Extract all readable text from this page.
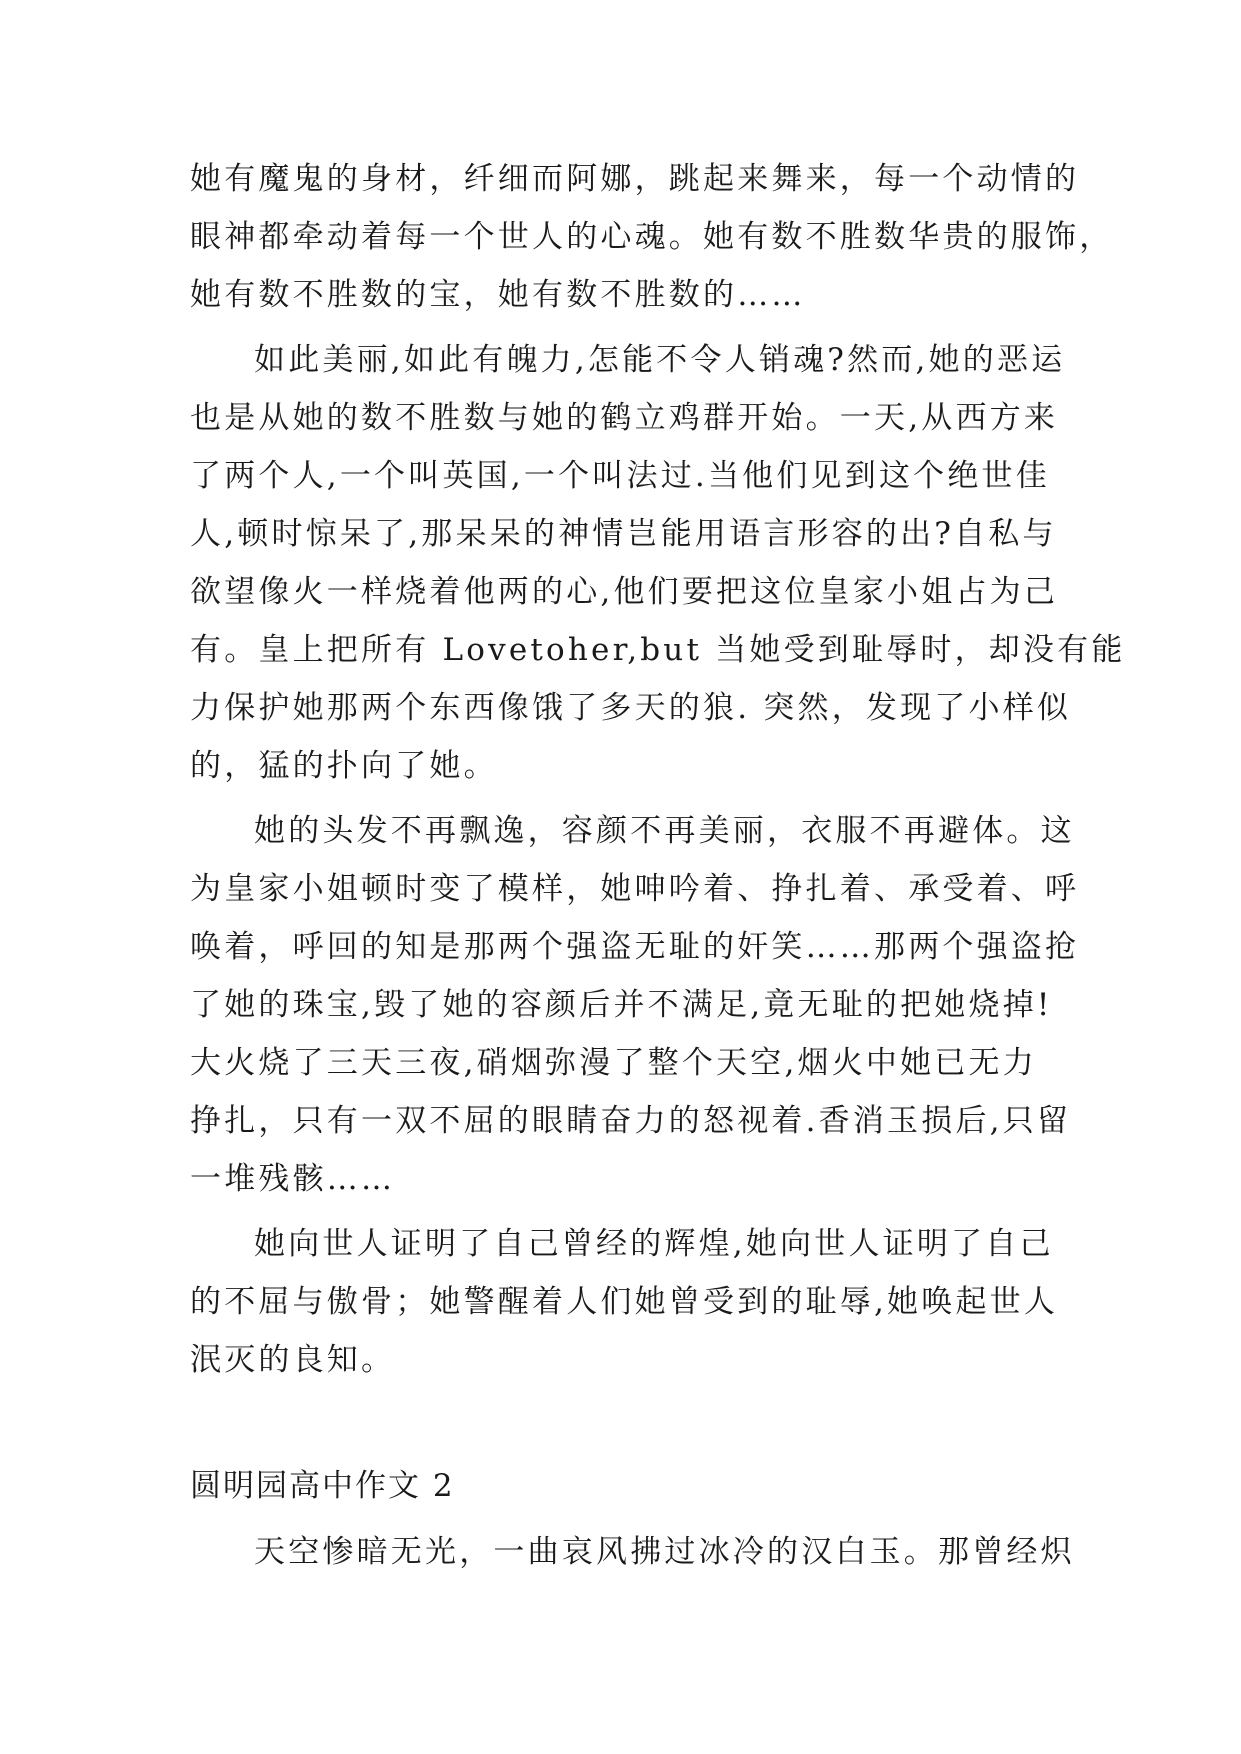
她有魔鬼的身材，纤细而阿娜，跳起来舞来，每一个动情的
眼神都牵动着每一个世人的心魂。她有数不胜数华贵的服饰，
她有数不胜数的宝，她有数不胜数的……
如此美丽,如此有魄力,怎能不令人销魂?然而,她的恶运
也是从她的数不胜数与她的鹤立鸡群开始。一天,从西方来
了两个人,一个叫英国,一个叫法过.当他们见到这个绝世佳
人,顿时惊呆了,那呆呆的神情岂能用语言形容的出?自私与
欲望像火一样烧着他两的心,他们要把这位皇家小姐占为己
有。皇上把所有 Lovetoher,but 当她受到耻辱时，却没有能
力保护她那两个东西像饿了多天的狼. 突然，发现了小样似
的，猛的扑向了她。
她的头发不再飘逸，容颜不再美丽，衣服不再避体。这
为皇家小姐顿时变了模样，她呻吟着、挣扎着、承受着、呼
唤着，呼回的知是那两个强盗无耻的奸笑……那两个强盗抢
了她的珠宝,毁了她的容颜后并不满足,竟无耻的把她烧掉!
大火烧了三天三夜,硝烟弥漫了整个天空,烟火中她已无力
挣扎，只有一双不屈的眼睛奋力的怒视着.香消玉损后,只留
一堆残骸……
她向世人证明了自己曾经的辉煌,她向世人证明了自己
的不屈与傲骨；她警醒着人们她曾受到的耻辱,她唤起世人
泯灭的良知。
圆明园高中作文 2
天空惨暗无光，一曲哀风拂过冰冷的汉白玉。那曾经炽
